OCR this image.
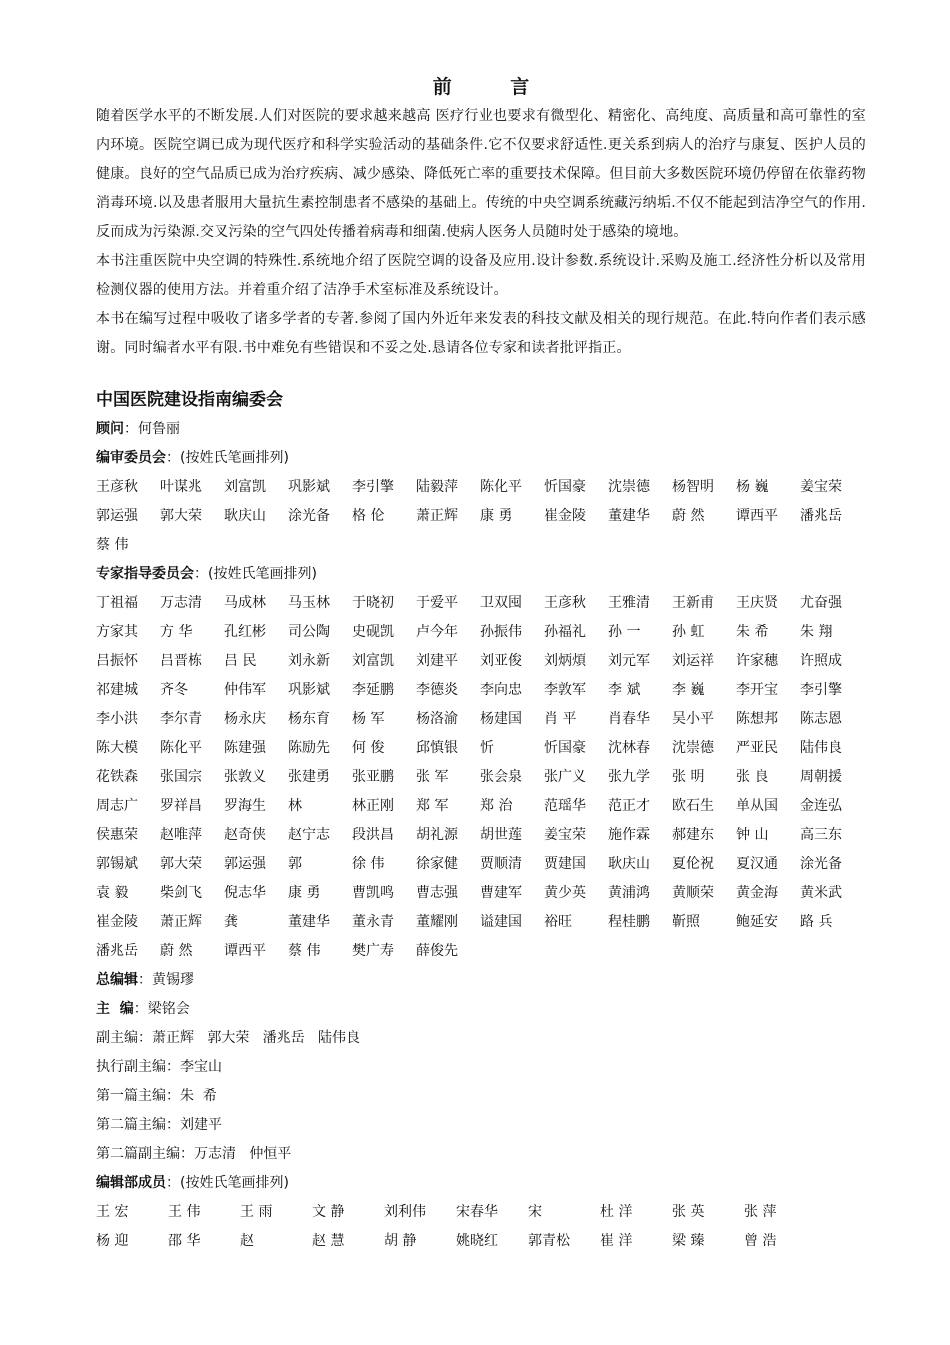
前 言

随着医学水平的不断发展.人们对医院的要求越来越高 医疗行业也要求有微型化、精密化、高纯度、高质量和高可靠性的室内环境。医院空调已成为现代医疗和科学实验活动的基础条件.它不仅要求舒适性.更关系到病人的治疗与康复、医护人员的健康。良好的空气品质已成为治疗疾病、减少感染、降低死亡率的重要技术保障。但目前大多数医院环境仍停留在依靠药物消毒环境.以及患者服用大量抗生素控制患者不感染的基础上。传统的中央空调系统藏污纳垢.不仅不能起到洁净空气的作用.反而成为污染源.交叉污染的空气四处传播着病毒和细菌.使病人医务人员随时处于感染的境地。

本书注重医院中央空调的特殊性.系统地介绍了医院空调的设备及应用.设计参数.系统设计.采购及施工.经济性分析以及常用检测仪器的使用方法。并着重介绍了洁净手术室标准及系统设计。

本书在编写过程中吸收了诸多学者的专著.参阅了国内外近年来发表的科技文献及相关的现行规范。在此.特向作者们表示感谢。同时编者水平有限.书中难免有些错误和不妥之处.恳请各位专家和读者批评指正。

中国医院建设指南编委会
顾问：何鲁丽
编审委员会：(按姓氏笔画排列)
王彦秋	叶谋兆	刘富凯	巩影斌	李引擎	陆毅萍	陈化平	忻国豪	沈崇德	杨智明	杨 巍	姜宝荣
郭运强	郭大荣	耿庆山	涂光备	格 伦	萧正辉	康 勇	崔金陵	董建华	蔚 然	谭西平	潘兆岳
蔡 伟
专家指导委员会：(按姓氏笔画排列)
丁祖福	万志清	马成林	马玉林	于晓初	于爱平	卫双囤	王彦秋	王雅清	王新甫	王庆贤	尤奋强
方家其	方 华	孔红彬	司公陶	史砚凯	卢今年	孙振伟	孙福礼	孙 一	孙 虹	朱 希	朱 翔
吕振怀	吕晋栋	吕 民	刘永新	刘富凯	刘建平	刘亚俊	刘炳煩	刘元军	刘运祥	许家穗	许照成
祁建城	齐冬	仲伟军	巩影斌	李延鹏	李德炎	李向忠	李敦军	李 斌	李 巍	李开宝	李引擎
李小洪	李尔青	杨永庆	杨东育	杨 军	杨洛渝	杨建国	肖 平	肖春华	吴小平	陈想邦	陈志恩
陈大模	陈化平	陈建强	陈励先	何 俊	邱慎银	忻	忻国豪	沈林春	沈崇德	严亚民	陆伟良
花铁森	张国宗	张敦义	张建勇	张亚鹏	张 军	张会泉	张广义	张九学	张 明	张 良	周朝援
周志广	罗祥昌	罗海生	林	林正刚	郑 军	郑 治	范瑶华	范正才	欧石生	单从国	金连弘
侯惠荣	赵唯萍	赵奇侠	赵宁志	段洪昌	胡礼源	胡世莲	姜宝荣	施作霖	郝建东	钟 山	高三东
郭锡斌	郭大荣	郭运强	郭	徐 伟	徐家健	贾顺清	贾建国	耿庆山	夏伦祝	夏汉通	涂光备
袁 毅	柴剑飞	倪志华	康 勇	曹凯鸣	曹志强	曹建军	黄少英	黄浦鸿	黄顺荣	黄金海	黄米武
崔金陵	萧正辉	龚	董建华	董永青	董耀刚	谥建国	裕旺	程桂鹏	靳照	鲍延安	路 兵
潘兆岳	蔚 然	谭西平	蔡 伟	樊广寿	薛俊先
总编辑：黄锡璆
主  编：梁铭会
副主编：萧正辉   郭大荣   潘兆岳   陆伟良
执行副主编：李宝山
第一篇主编：朱  希
第二篇主编：刘建平
第二篇副主编：万志清   仲恒平
编辑部成员：(按姓氏笔画排列)
王 宏	王 伟	王 雨	文 静	刘利伟	宋春华	宋	杜 洋	张 英	张 萍
杨 迎	邵 华	赵	赵 慧	胡 静	姚晓红	郭青松	崔 洋	梁 臻	曾 浩
